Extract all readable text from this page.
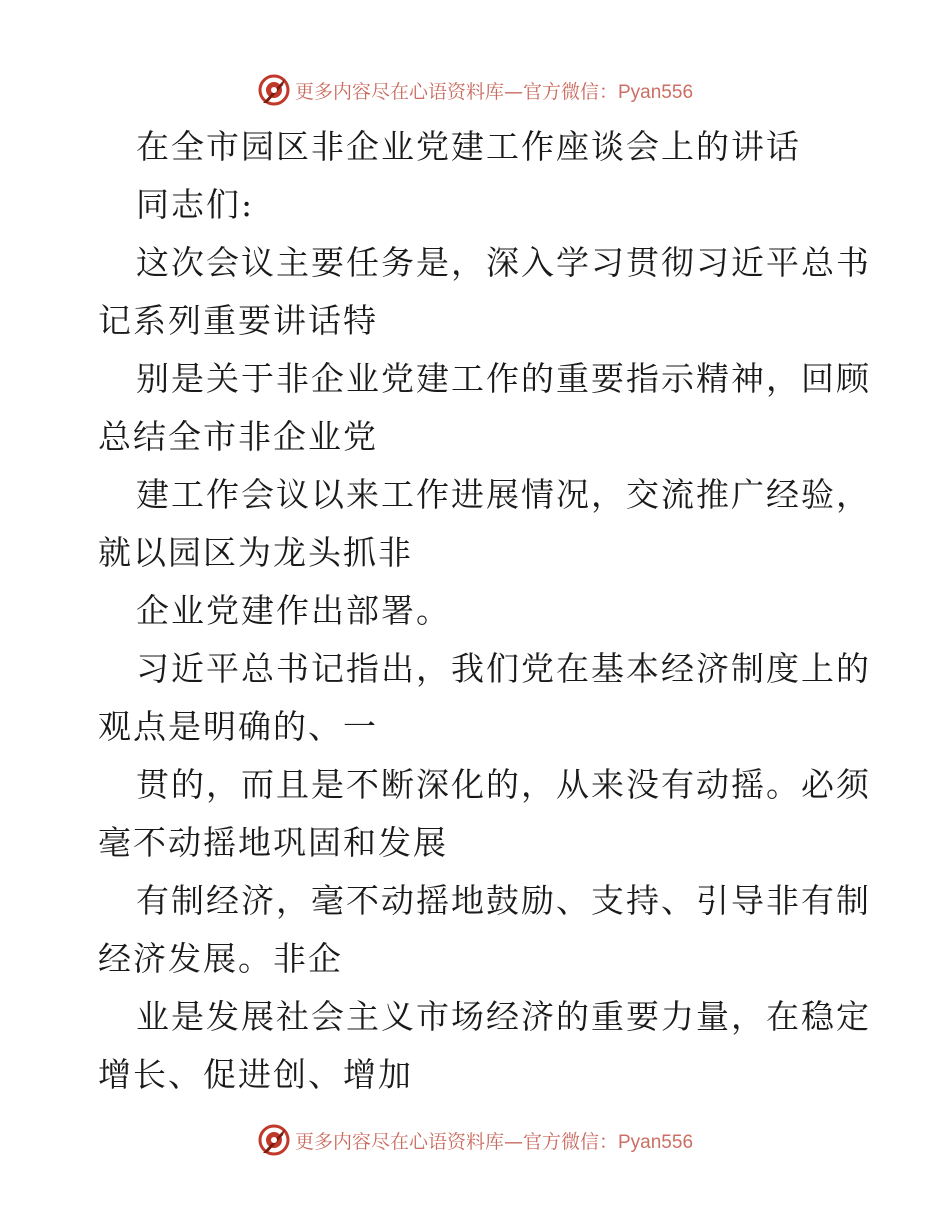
更多内容尽在心语资料库—官方微信：Pyan556
在全市园区非企业党建工作座谈会上的讲话
同志们:
这次会议主要任务是，深入学习贯彻习近平总书
记系列重要讲话特
别是关于非企业党建工作的重要指示精神，回顾
总结全市非企业党
建工作会议以来工作进展情况，交流推广经验，
就以园区为龙头抓非
企业党建作出部署。
习近平总书记指出，我们党在基本经济制度上的
观点是明确的、一
贯的，而且是不断深化的，从来没有动摇。必须
毫不动摇地巩固和发展
有制经济，毫不动摇地鼓励、支持、引导非有制
经济发展。非企
业是发展社会主义市场经济的重要力量，在稳定
增长、促进创、增加
更多内容尽在心语资料库—官方微信：Pyan556
